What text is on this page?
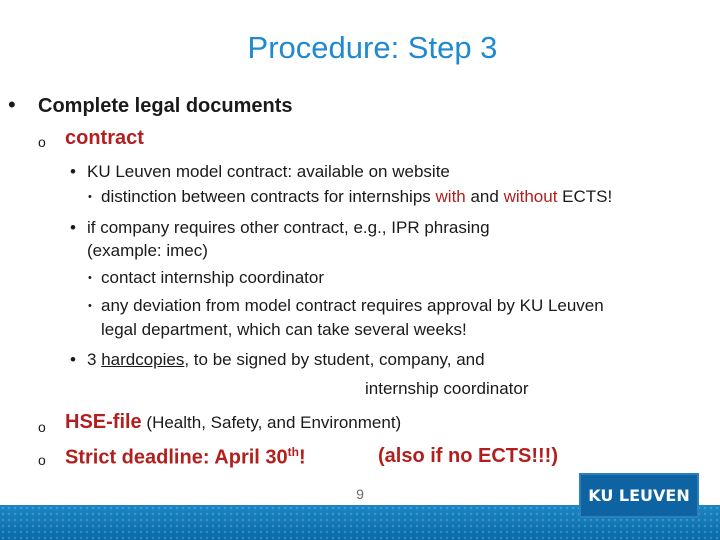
Procedure: Step 3
• Complete legal documents
o contract
• KU Leuven model contract: available on website
• distinction between contracts for internships with and without ECTS!
• if company requires other contract, e.g., IPR phrasing
(example: imec)
• contact internship coordinator
• any deviation from model contract requires approval by KU Leuven
legal department, which can take several weeks!
• 3 hardcopies, to be signed by student, company, and
internship coordinator
o HSE-file (Health, Safety, and Environment)
o Strict deadline: April 30th!	(also if no ECTS!!!)
9	KU LEUVEN
